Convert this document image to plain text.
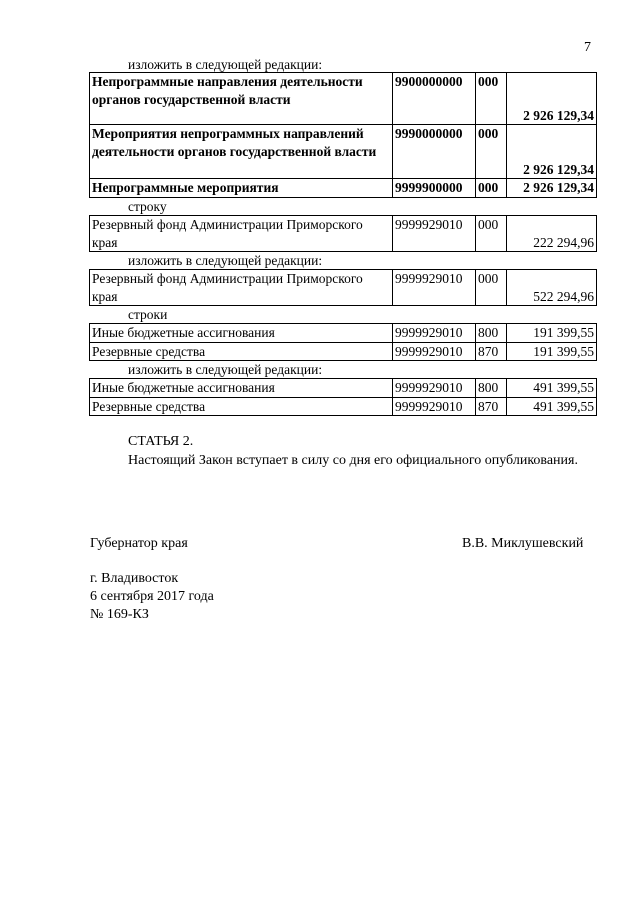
7
изложить в следующей редакции:
Непрограммные направления деятельности органов государственной власти	9900000000	000	2 926 129,34
Мероприятия непрограммных направлений деятельности органов государственной власти	9990000000	000	2 926 129,34
Непрограммные мероприятия	9999900000	000	2 926 129,34
строку
Резервный фонд Администрации Приморского края	9999929010	000	222 294,96
изложить в следующей редакции:
Резервный фонд Администрации Приморского края	9999929010	000	522 294,96
строки
Иные бюджетные ассигнования	9999929010	800	191 399,55
Резервные средства	9999929010	870	191 399,55
изложить в следующей редакции:
Иные бюджетные ассигнования	9999929010	800	491 399,55
Резервные средства	9999929010	870	491 399,55
СТАТЬЯ 2.
Настоящий Закон вступает в силу со дня его официального опубликования.
Губернатор края	В.В. Миклушевский
г. Владивосток
6 сентября 2017 года
№ 169-КЗ
